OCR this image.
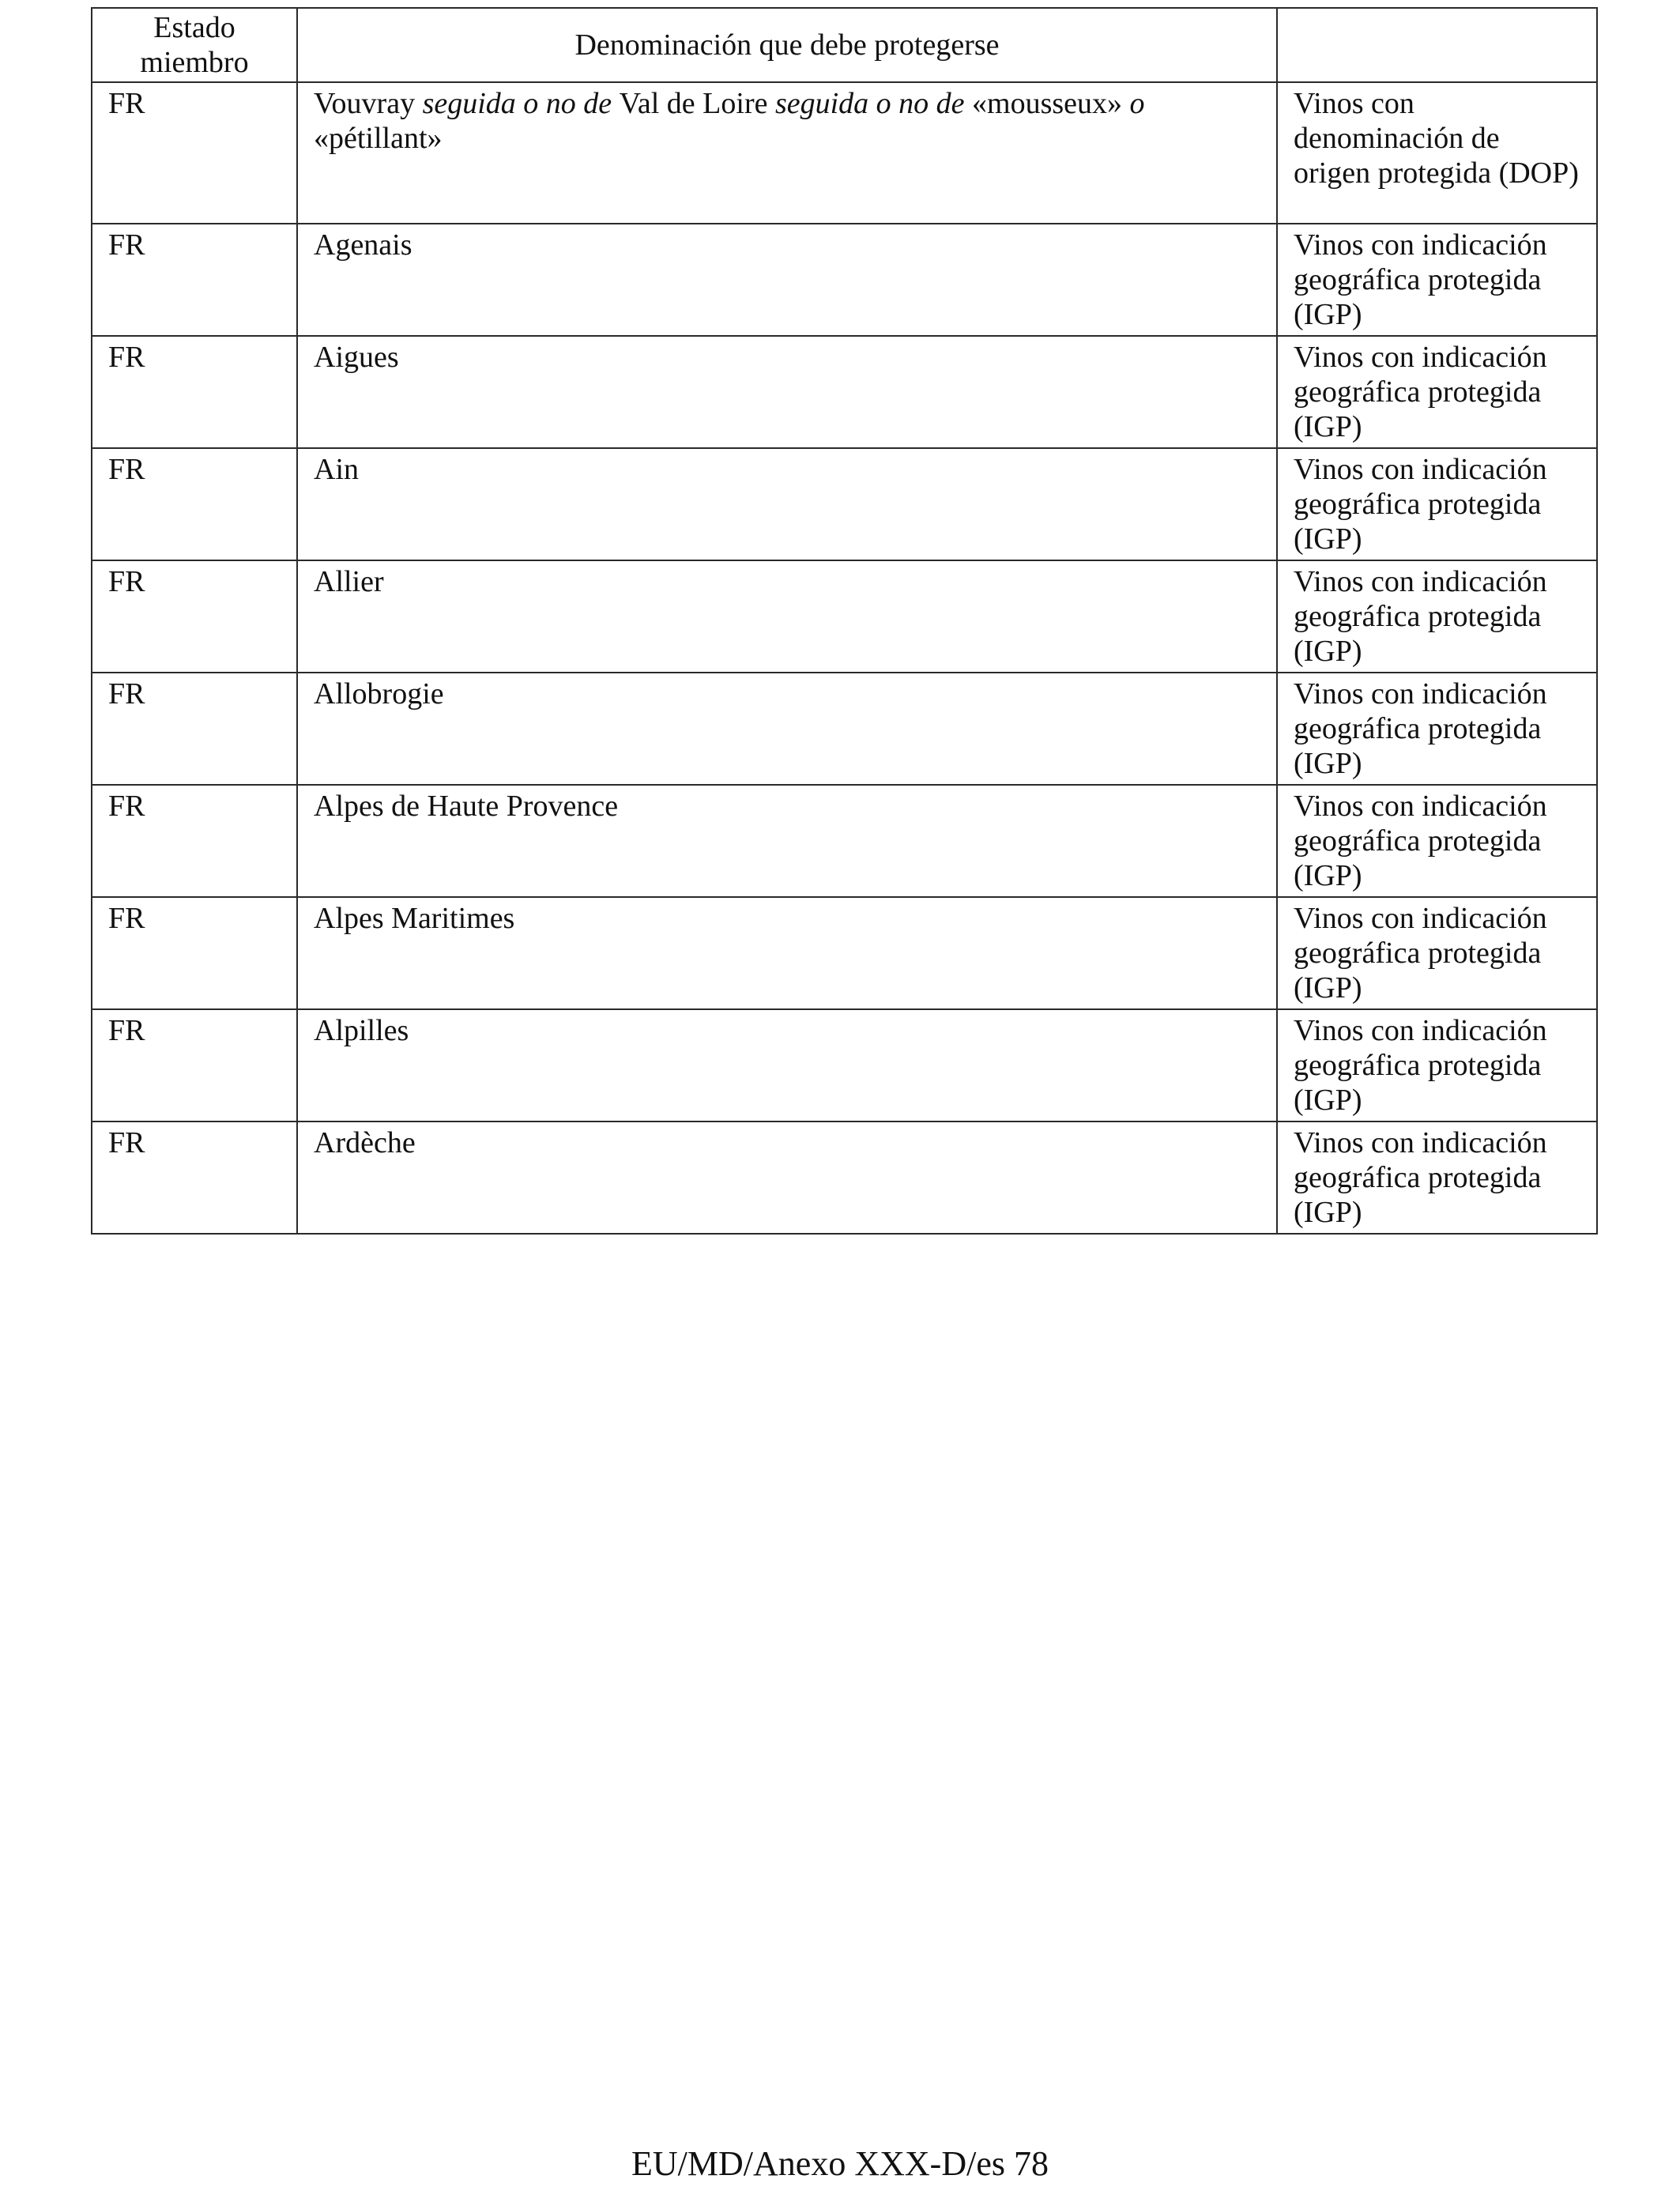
Estado miembro	Denominación que debe protegerse	
FR	Vouvray seguida o no de Val de Loire seguida o no de «mousseux» o «pétillant»	Vinos con denominación de origen protegida (DOP)
FR	Agenais	Vinos con indicación geográfica protegida (IGP)
FR	Aigues	Vinos con indicación geográfica protegida (IGP)
FR	Ain	Vinos con indicación geográfica protegida (IGP)
FR	Allier	Vinos con indicación geográfica protegida (IGP)
FR	Allobrogie	Vinos con indicación geográfica protegida (IGP)
FR	Alpes de Haute Provence	Vinos con indicación geográfica protegida (IGP)
FR	Alpes Maritimes	Vinos con indicación geográfica protegida (IGP)
FR	Alpilles	Vinos con indicación geográfica protegida (IGP)
FR	Ardèche	Vinos con indicación geográfica protegida (IGP)
EU/MD/Anexo XXX-D/es 78
